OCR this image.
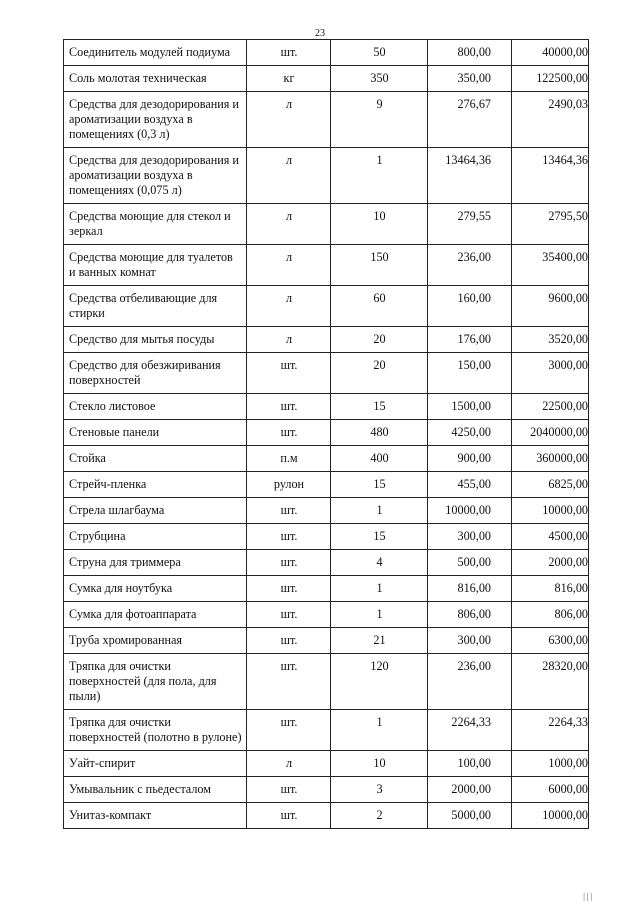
23
Соединитель модулей подиума	шт.	50	800,00	40000,00
Соль молотая техническая	кг	350	350,00	122500,00
Средства для дезодорирования и ароматизации воздуха в помещениях (0,3 л)	л	9	276,67	2490,03
Средства для дезодорирования и ароматизации воздуха в помещениях (0,075 л)	л	1	13464,36	13464,36
Средства моющие для стекол и зеркал	л	10	279,55	2795,50
Средства моющие для туалетов и ванных комнат	л	150	236,00	35400,00
Средства отбеливающие для стирки	л	60	160,00	9600,00
Средство для мытья посуды	л	20	176,00	3520,00
Средство для обезжиривания поверхностей	шт.	20	150,00	3000,00
Стекло листовое	шт.	15	1500,00	22500,00
Стеновые панели	шт.	480	4250,00	2040000,00
Стойка	п.м	400	900,00	360000,00
Стрейч-пленка	рулон	15	455,00	6825,00
Стрела шлагбаума	шт.	1	10000,00	10000,00
Струбцина	шт.	15	300,00	4500,00
Струна для триммера	шт.	4	500,00	2000,00
Сумка для ноутбука	шт.	1	816,00	816,00
Сумка для фотоаппарата	шт.	1	806,00	806,00
Труба хромированная	шт.	21	300,00	6300,00
Тряпка для очистки поверхностей (для пола, для пыли)	шт.	120	236,00	28320,00
Тряпка для очистки поверхностей (полотно в рулоне)	шт.	1	2264,33	2264,33
Уайт-спирит	л	10	100,00	1000,00
Умывальник с пьедесталом	шт.	3	2000,00	6000,00
Унитаз-компакт	шт.	2	5000,00	10000,00
| | |
